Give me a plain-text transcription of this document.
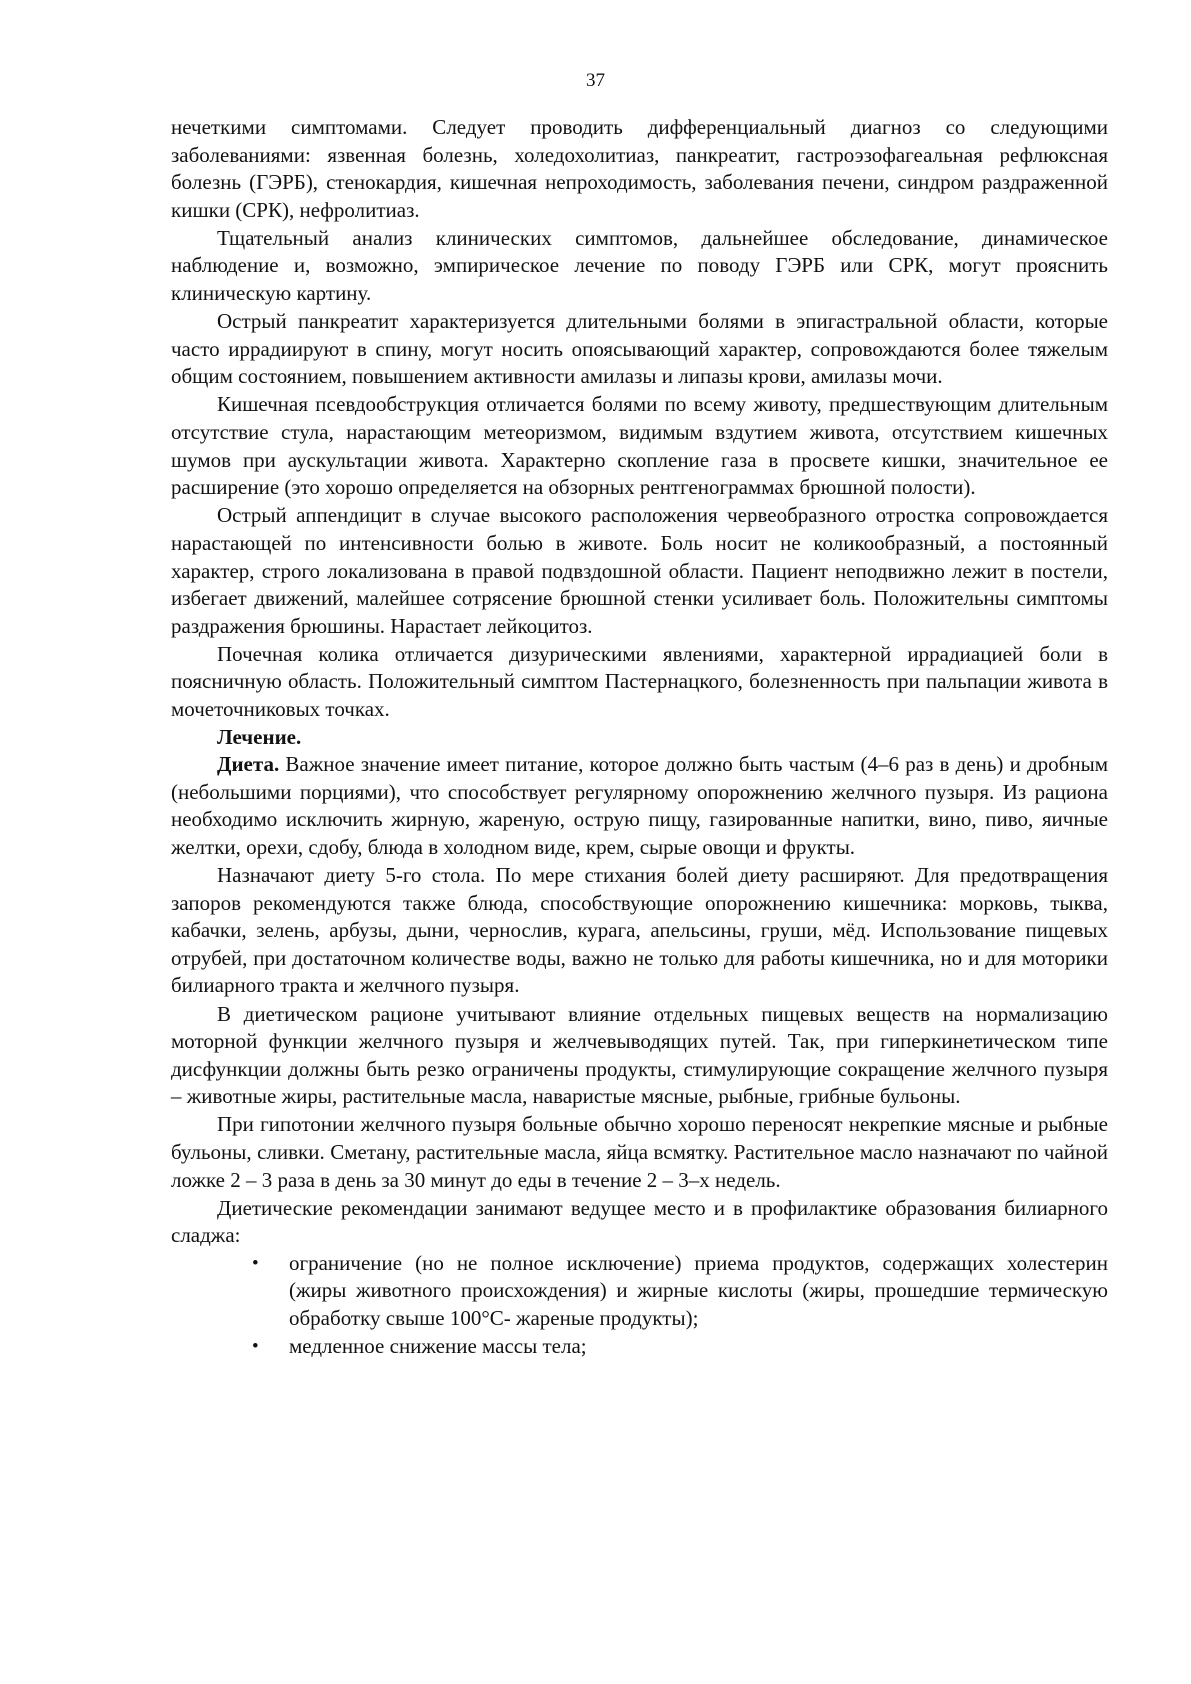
37

нечеткими симптомами. Следует проводить дифференциальный диагноз со следующими заболеваниями: язвенная болезнь, холедохолитиаз, панкреатит, гастроэзофагеальная рефлюксная болезнь (ГЭРБ), стенокардия, кишечная непроходимость, заболевания печени, синдром раздраженной кишки (СРК), нефролитиаз.

Тщательный анализ клинических симптомов, дальнейшее обследование, динамическое наблюдение и, возможно, эмпирическое лечение по поводу ГЭРБ или СРК, могут прояснить клиническую картину.

Острый панкреатит характеризуется длительными болями в эпигастральной области, которые часто иррадиируют в спину, могут носить опоясывающий характер, сопровождаются более тяжелым общим состоянием, повышением активности амилазы и липазы крови, амилазы мочи.

Кишечная псевдообструкция отличается болями по всему животу, предшествующим длительным отсутствие стула, нарастающим метеоризмом, видимым вздутием живота, отсутствием кишечных шумов при аускультации живота. Характерно скопление газа в просвете кишки, значительное ее расширение (это хорошо определяется на обзорных рентгенограммах брюшной полости).

Острый аппендицит в случае высокого расположения червеобразного отростка сопровождается нарастающей по интенсивности болью в животе. Боль носит не коликообразный, а постоянный характер, строго локализована в правой подвздошной области. Пациент неподвижно лежит в постели, избегает движений, малейшее сотрясение брюшной стенки усиливает боль. Положительны симптомы раздражения брюшины. Нарастает лейкоцитоз.

Почечная колика отличается дизурическими явлениями, характерной иррадиацией боли в поясничную область. Положительный симптом Пастернацкого, болезненность при пальпации живота в мочеточниковых точках.

Лечение.

Диета. Важное значение имеет питание, которое должно быть частым (4–6 раз в день) и дробным (небольшими порциями), что способствует регулярному опорожнению желчного пузыря. Из рациона необходимо исключить жирную, жареную, острую пищу, газированные напитки, вино, пиво, яичные желтки, орехи, сдобу, блюда в холодном виде, крем, сырые овощи и фрукты.

Назначают диету 5-го стола. По мере стихания болей диету расширяют. Для предотвращения запоров рекомендуются также блюда, способствующие опорожнению кишечника: морковь, тыква, кабачки, зелень, арбузы, дыни, чернослив, курага, апельсины, груши, мёд. Использование пищевых отрубей, при достаточном количестве воды, важно не только для работы кишечника, но и для моторики билиарного тракта и желчного пузыря.

В диетическом рационе учитывают влияние отдельных пищевых веществ на нормализацию моторной функции желчного пузыря и желчевыводящих путей. Так, при гиперкинетическом типе дисфункции должны быть резко ограничены продукты, стимулирующие сокращение желчного пузыря – животные жиры, растительные масла, наваристые мясные, рыбные, грибные бульоны.

При гипотонии желчного пузыря больные обычно хорошо переносят некрепкие мясные и рыбные бульоны, сливки. Сметану, растительные масла, яйца всмятку. Растительное масло назначают по чайной ложке 2 – 3 раза в день за 30 минут до еды в течение 2 – 3–х недель.

Диетические рекомендации занимают ведущее место и в профилактике образования билиарного сладжа:

• ограничение (но не полное исключение) приема продуктов, содержащих холестерин (жиры животного происхождения) и жирные кислоты (жиры, прошедшие термическую обработку свыше 100°С- жареные продукты);
• медленное снижение массы тела;
